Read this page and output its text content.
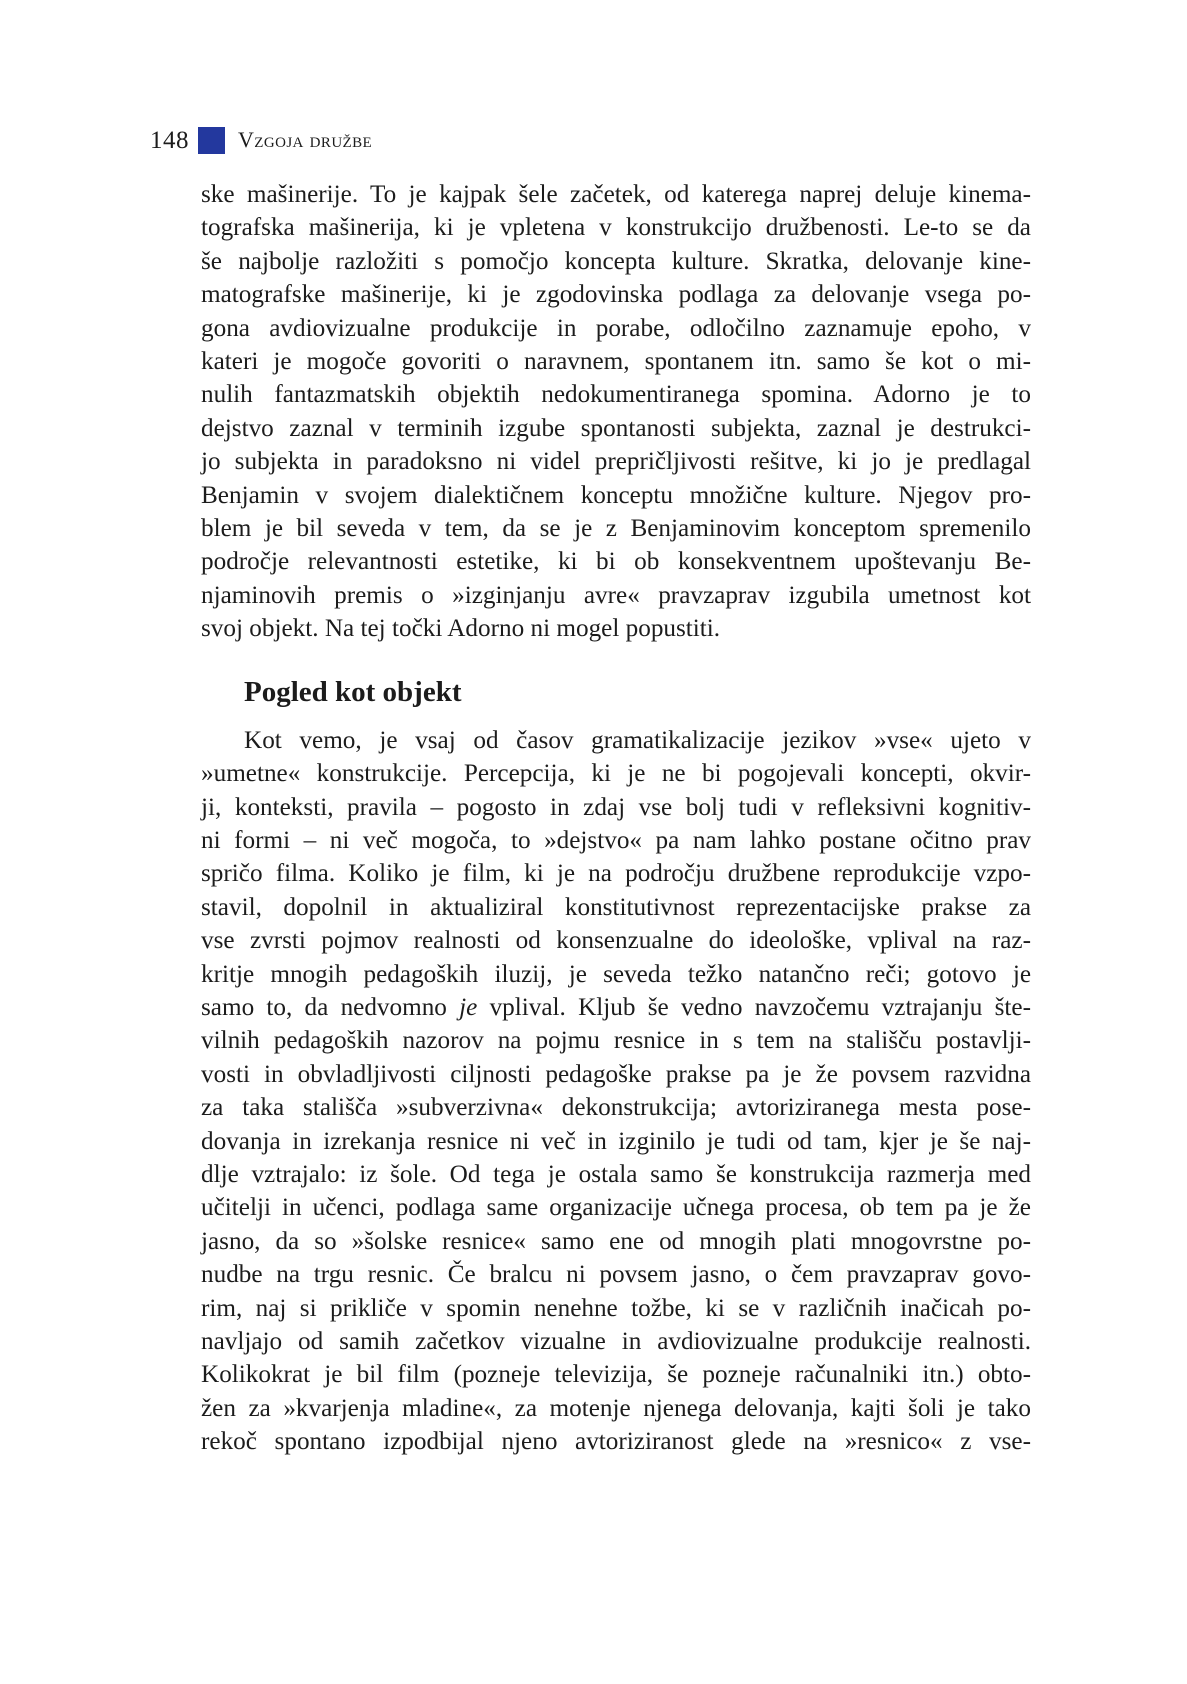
148 Vzgoja družbe
ske mašinerije. To je kajpak šele začetek, od katerega naprej deluje kinema-
tografska mašinerija, ki je vpletena v konstrukcijo družbenosti. Le-to se da
še najbolje razložiti s pomočjo koncepta kulture. Skratka, delovanje kine-
matografske mašinerije, ki je zgodovinska podlaga za delovanje vsega po-
gona avdiovizualne produkcije in porabe, odločilno zaznamuje epoho, v
kateri je mogoče govoriti o naravnem, spontanem itn. samo še kot o mi-
nulih fantazmatskih objektih nedokumentiranega spomina. Adorno je to
dejstvo zaznal v terminih izgube spontanosti subjekta, zaznal je destrukci-
jo subjekta in paradoksno ni videl prepričljivosti rešitve, ki jo je predlagal
Benjamin v svojem dialektičnem konceptu množične kulture. Njegov pro-
blem je bil seveda v tem, da se je z Benjaminovim konceptom spremenilo
področje relevantnosti estetike, ki bi ob konsekventnem upoštevanju Be-
njaminovih premis o »izginjanju avre« pravzaprav izgubila umetnost kot
svoj objekt. Na tej točki Adorno ni mogel popustiti.
Pogled kot objekt
Kot vemo, je vsaj od časov gramatikalizacije jezikov »vse« ujeto v
»umetne« konstrukcije. Percepcija, ki je ne bi pogojevali koncepti, okvir-
ji, konteksti, pravila – pogosto in zdaj vse bolj tudi v refleksivni kognitiv-
ni formi – ni več mogoča, to »dejstvo« pa nam lahko postane očitno prav
spričo filma. Koliko je film, ki je na področju družbene reprodukcije vzpo-
stavil, dopolnil in aktualiziral konstitutivnost reprezentacijske prakse za
vse zvrsti pojmov realnosti od konsenzualne do ideološke, vplival na raz-
kritje mnogih pedagoških iluzij, je seveda težko natančno reči; gotovo je
samo to, da nedvomno je vplival. Kljub še vedno navzočemu vztrajanju šte-
vilnih pedagoških nazorov na pojmu resnice in s tem na stališču postavlji-
vosti in obvladljivosti ciljnosti pedagoške prakse pa je že povsem razvidna
za taka stališča »subverzivna« dekonstrukcija; avtoriziranega mesta pose-
dovanja in izrekanja resnice ni več in izginilo je tudi od tam, kjer je še naj-
dlje vztrajalo: iz šole. Od tega je ostala samo še konstrukcija razmerja med
učitelji in učenci, podlaga same organizacije učnega procesa, ob tem pa je že
jasno, da so »šolske resnice« samo ene od mnogih plati mnogovrstne po-
nudbe na trgu resnic. Če bralcu ni povsem jasno, o čem pravzaprav govo-
rim, naj si prikliče v spomin nenehne tožbe, ki se v različnih inačicah po-
navljajo od samih začetkov vizualne in avdiovizualne produkcije realnosti.
Kolikokrat je bil film (pozneje televizija, še pozneje računalniki itn.) obto-
žen za »kvarjenja mladine«, za motenje njenega delovanja, kajti šoli je tako
rekoč spontano izpodbijal njeno avtoriziranost glede na »resnico« z vse-
